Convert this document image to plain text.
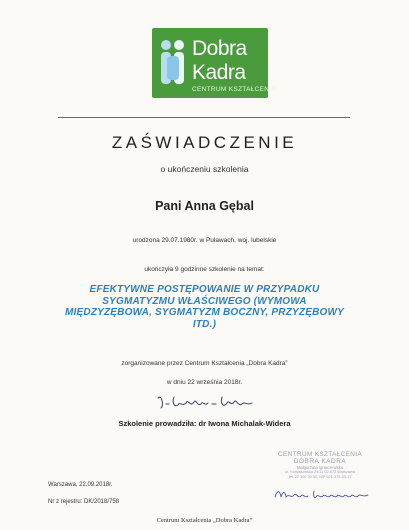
Dobra
Kadra
CENTRUM KSZTAŁCENIA
ZAŚWIADCZENIE
o ukończeniu szkolenia
Pani Anna Gębal
urodzona 29.07.1980r. w Puławach, woj. lubelskie
ukończyła 9 godzinne szkolenie na temat:
EFEKTYWNE POSTĘPOWANIE W PRZYPADKU SYGMATYZMU WŁAŚCIWEGO (WYMOWA MIĘDZYZĘBOWA, SYGMATYZM BOCZNY, PRZYZĘBOWY ITD.)
zorganizowane przez Centrum Kształcenia „Dobra Kadra”
w dniu 22 września 2018r.
Szkolenie prowadziła: dr Iwona Michalak-Widera
Warszawa, 22.09.2018r.
Nr z rejestru: DK/2018/758
CENTRUM KSZTAŁCENIA
DOBRA KADRA
Małgorzata Ignaczewska
ul. Korsadowska 24/11 02-672 Warszawa
tel. 22 100 30 30, NIP 521-376-33-17
Centrum Kształcenia „Dobra Kadra”
